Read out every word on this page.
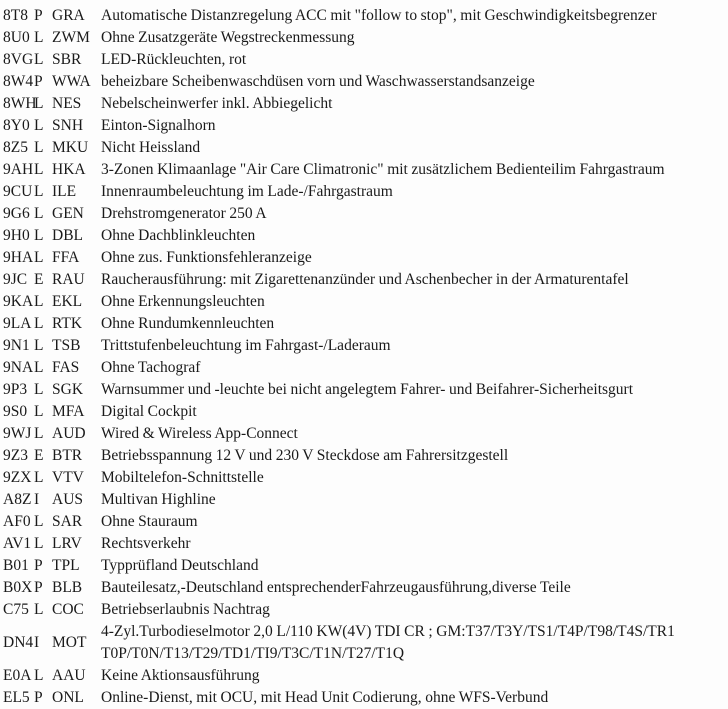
8T8	P	GRA	Automatische Distanzregelung ACC mit "follow to stop", mit Geschwindigkeitsbegrenzer
8U0	L	ZWM	Ohne Zusatzgeräte Wegstreckenmessung
8VG	L	SBR	LED-Rückleuchten, rot
8W4	P	WWA	beheizbare Scheibenwaschdüsen vorn und Waschwasserstandsanzeige
8WH	L	NES	Nebelscheinwerfer inkl. Abbiegelicht
8Y0	L	SNH	Einton-Signalhorn
8Z5	L	MKU	Nicht Heissland
9AH	L	HKA	3-Zonen Klimaanlage "Air Care Climatronic" mit zusätzlichem Bedienteilim Fahrgastraum
9CU	L	ILE	Innenraumbeleuchtung im Lade-/Fahrgastraum
9G6	L	GEN	Drehstromgenerator 250 A
9H0	L	DBL	Ohne Dachblinkleuchten
9HA	L	FFA	Ohne zus. Funktionsfehleranzeige
9JC	E	RAU	Raucherausführung: mit Zigarettenanzünder und Aschenbecher in der Armaturentafel
9KA	L	EKL	Ohne Erkennungsleuchten
9LA	L	RTK	Ohne Rundumkennleuchten
9N1	L	TSB	Trittstufenbeleuchtung im Fahrgast-/Laderaum
9NA	L	FAS	Ohne Tachograf
9P3	L	SGK	Warnsummer und -leuchte bei nicht angelegtem Fahrer- und Beifahrer-Sicherheitsgurt
9S0	L	MFA	Digital Cockpit
9WJ	L	AUD	Wired & Wireless App-Connect
9Z3	E	BTR	Betriebsspannung 12 V und 230 V Steckdose am Fahrersitzgestell
9ZX	L	VTV	Mobiltelefon-Schnittstelle
A8Z	I	AUS	Multivan Highline
AF0	L	SAR	Ohne Stauraum
AV1	L	LRV	Rechtsverkehr
B01	P	TPL	Typprüfland Deutschland
B0X	P	BLB	Bauteilesatz,-Deutschland entsprechenderFahrzeugausführung,diverse Teile
C75	L	COC	Betriebserlaubnis Nachtrag
DN4	I	MOT	4-Zyl.Turbodieselmotor 2,0 L/110 KW(4V) TDI CR ; GM:T37/T3Y/TS1/T4P/T98/T4S/TR1 T0P/T0N/T13/T29/TD1/TI9/T3C/T1N/T27/T1Q
E0A	L	AAU	Keine Aktionsausführung
EL5	P	ONL	Online-Dienst, mit OCU, mit Head Unit Codierung, ohne WFS-Verbund
